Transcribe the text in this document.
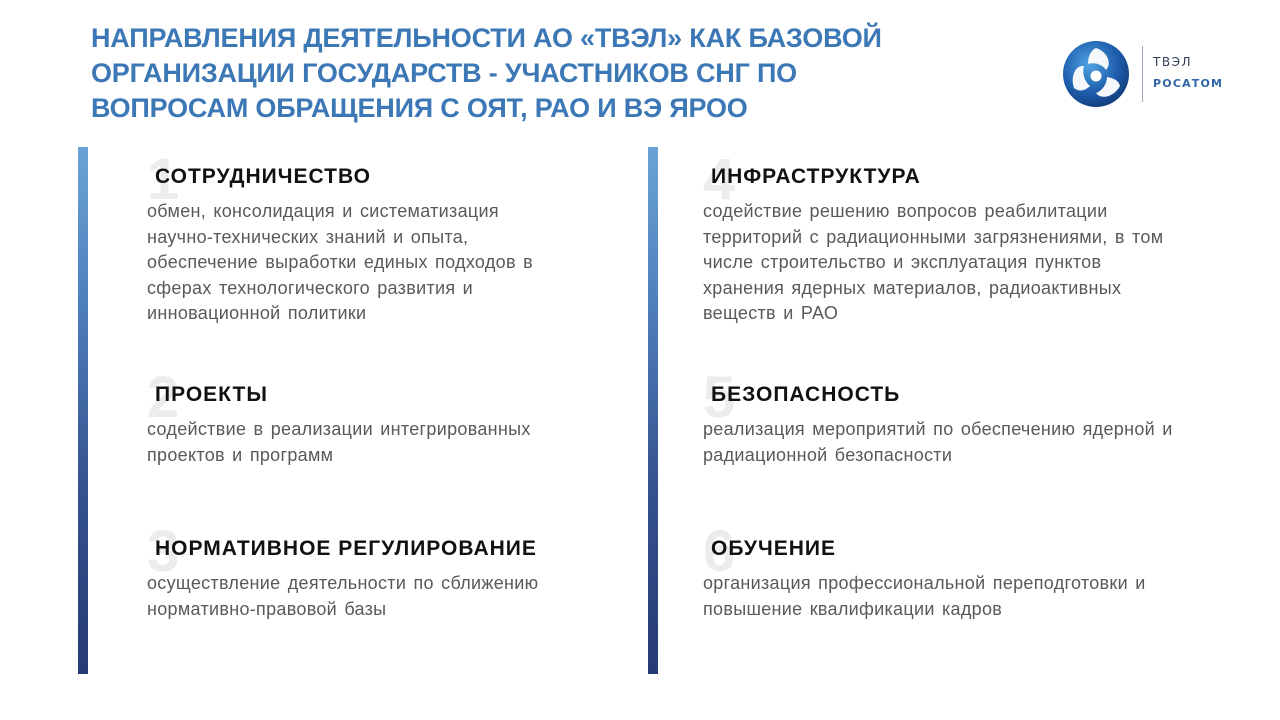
НАПРАВЛЕНИЯ ДЕЯТЕЛЬНОСТИ АО «ТВЭЛ» КАК БАЗОВОЙ
ОРГАНИЗАЦИИ ГОСУДАРСТВ - УЧАСТНИКОВ СНГ ПО
ВОПРОСАМ ОБРАЩЕНИЯ С ОЯТ, РАО И ВЭ ЯРОО
ТВЭЛ
РОСАТОМ
1
СОТРУДНИЧЕСТВО
обмен, консолидация и систематизация
научно-технических знаний и опыта,
обеспечение выработки единых подходов в
сферах технологического развития и
инновационной политики
2
ПРОЕКТЫ
содействие в реализации интегрированных
проектов и программ
3
НОРМАТИВНОЕ РЕГУЛИРОВАНИЕ
осуществление деятельности по сближению
нормативно-правовой базы
4
ИНФРАСТРУКТУРА
содействие решению вопросов реабилитации
территорий с радиационными загрязнениями, в том
числе строительство и эксплуатация пунктов
хранения ядерных материалов, радиоактивных
веществ и РАО
5
БЕЗОПАСНОСТЬ
реализация мероприятий по обеспечению ядерной и
радиационной безопасности
6
ОБУЧЕНИЕ
организация профессиональной переподготовки и
повышение квалификации кадров
